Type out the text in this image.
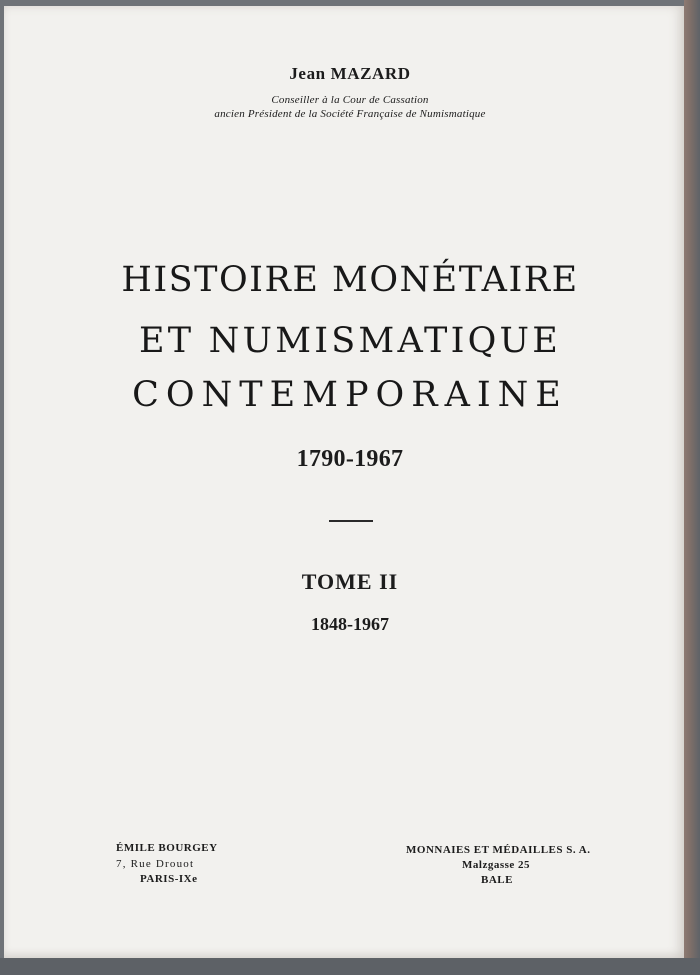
Jean MAZARD
Conseiller à la Cour de Cassation
ancien Président de la Société Française de Numismatique
HISTOIRE MONÉTAIRE
ET NUMISMATIQUE
CONTEMPORAINE
1790-1967
TOME II
1848-1967
ÉMILE BOURGEY
7, Rue Drouot
PARIS-IXe
MONNAIES ET MÉDAILLES S. A.
Malzgasse 25
BALE
